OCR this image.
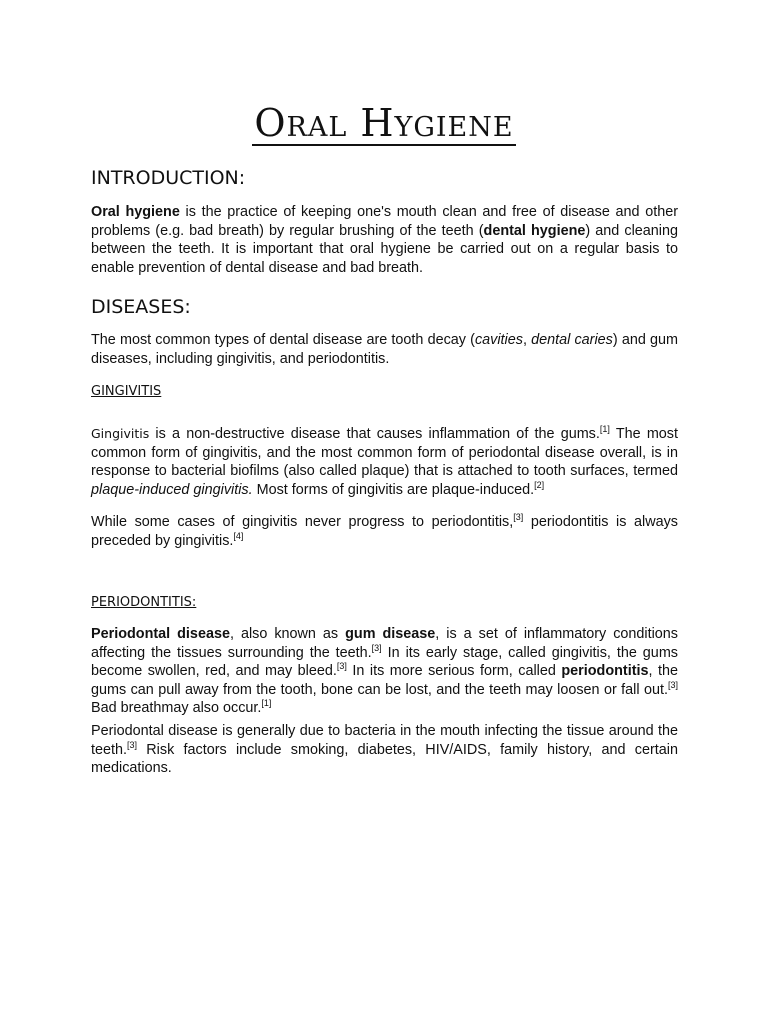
Oral Hygiene
INTRODUCTION:

Oral hygiene is the practice of keeping one's mouth clean and free of disease and other problems (e.g. bad breath) by regular brushing of the teeth (dental hygiene) and cleaning between the teeth. It is important that oral hygiene be carried out on a regular basis to enable prevention of dental disease and bad breath.

DISEASES:

The most common types of dental disease are tooth decay (cavities, dental caries) and gum diseases, including gingivitis, and periodontitis.

GINGIVITIS

Gingivitis is a non-destructive disease that causes inflammation of the gums.[1] The most common form of gingivitis, and the most common form of periodontal disease overall, is in response to bacterial biofilms (also called plaque) that is attached to tooth surfaces, termed plaque-induced gingivitis. Most forms of gingivitis are plaque-induced.[2]

While some cases of gingivitis never progress to periodontitis,[3] periodontitis is always preceded by gingivitis.[4]

PERIODONTITIS:

Periodontal disease, also known as gum disease, is a set of inflammatory conditions affecting the tissues surrounding the teeth.[3] In its early stage, called gingivitis, the gums become swollen, red, and may bleed.[3] In its more serious form, called periodontitis, the gums can pull away from the tooth, bone can be lost, and the teeth may loosen or fall out.[3] Bad breathmay also occur.[1]

Periodontal disease is generally due to bacteria in the mouth infecting the tissue around the teeth.[3] Risk factors include smoking, diabetes, HIV/AIDS, family history, and certain medications.
